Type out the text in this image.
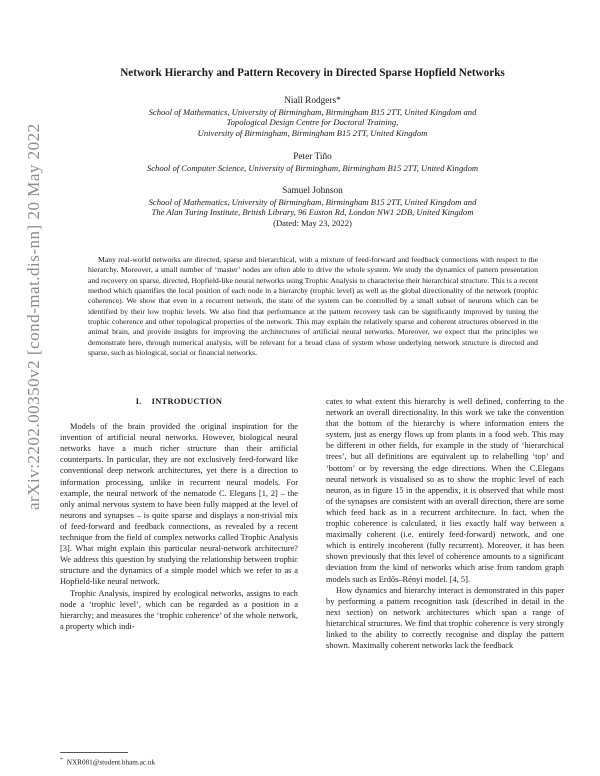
arXiv:2202.00350v2 [cond-mat.dis-nn] 20 May 2022
Network Hierarchy and Pattern Recovery in Directed Sparse Hopfield Networks
Niall Rodgers*
School of Mathematics, University of Birmingham, Birmingham B15 2TT, United Kingdom and
Topological Design Centre for Doctoral Training,
University of Birmingham, Birmingham B15 2TT, United Kingdom
Peter Tiňo
School of Computer Science, University of Birmingham, Birmingham B15 2TT, United Kingdom
Samuel Johnson
School of Mathematics, University of Birmingham, Birmingham B15 2TT, United Kingdom and
The Alan Turing Institute, British Library, 96 Euston Rd, London NW1 2DB, United Kingdom
(Dated: May 23, 2022)
Many real-world networks are directed, sparse and hierarchical, with a mixture of feed-forward and feedback connections with respect to the hierarchy. Moreover, a small number of ‘master’ nodes are often able to drive the whole system. We study the dynamics of pattern presentation and recovery on sparse, directed, Hopfield-like neural networks using Trophic Analysis to characterise their hierarchical structure. This is a recent method which quantifies the local position of each node in a hierarchy (trophic level) as well as the global directionality of the network (trophic coherence). We show that even in a recurrent network, the state of the system can be controlled by a small subset of neurons which can be identified by their low trophic levels. We also find that performance at the pattern recovery task can be significantly improved by tuning the trophic coherence and other topological properties of the network. This may explain the relatively sparse and coherent structures observed in the animal brain, and provide insights for improving the architectures of artificial neural networks. Moreover, we expect that the principles we demonstrate here, through numerical analysis, will be relevant for a broad class of system whose underlying network structure is directed and sparse, such as biological, social or financial networks.
I. INTRODUCTION

Models of the brain provided the original inspiration for the invention of artificial neural networks. However, biological neural networks have a much richer structure than their artificial counterparts. In particular, they are not exclusively feed-forward like conventional deep network architectures, yet there is a direction to information processing, unlike in recurrent neural models. For example, the neural network of the nematode C. Elegans [1, 2] – the only animal nervous system to have been fully mapped at the level of neurons and synapses – is quite sparse and displays a non-trivial mix of feed-forward and feedback connections, as revealed by a recent technique from the field of complex networks called Trophic Analysis [3]. What might explain this particular neural-network architecture? We address this question by studying the relationship between trophic structure and the dynamics of a simple model which we refer to as a Hopfield-like neural network.

Trophic Analysis, inspired by ecological networks, assigns to each node a ‘trophic level’, which can be regarded as a position in a hierarchy; and measures the ‘trophic coherence’ of the whole network, a property which indi-

cates to what extent this hierarchy is well defined, conferring to the network an overall directionality. In this work we take the convention that the bottom of the hierarchy is where information enters the system, just as energy flows up from plants in a food web. This may be different in other fields, for example in the study of ‘hierarchical trees’, but all definitions are equivalent up to relabelling ‘top’ and ‘bottom’ or by reversing the edge directions. When the C.Elegans neural network is visualised so as to show the trophic level of each neuron, as in figure 15 in the appendix, it is observed that while most of the synapses are consistent with an overall direction, there are some which feed back as in a recurrent architecture. In fact, when the trophic coherence is calculated, it lies exactly half way between a maximally coherent (i.e. entirely feed-forward) network, and one which is entirely incoherent (fully recurrent). Moreover, it has been shown previously that this level of coherence amounts to a significant deviation from the kind of networks which arise from random graph models such as Erdős–Rényi model. [4, 5].

How dynamics and hierarchy interact is demonstrated in this paper by performing a pattern recognition task (described in detail in the next section) on network architectures which span a range of hierarchical structures. We find that trophic coherence is very strongly linked to the ability to correctly recognise and display the pattern shown. Maximally coherent networks lack the feedback

* NXR081@student.bham.ac.uk
